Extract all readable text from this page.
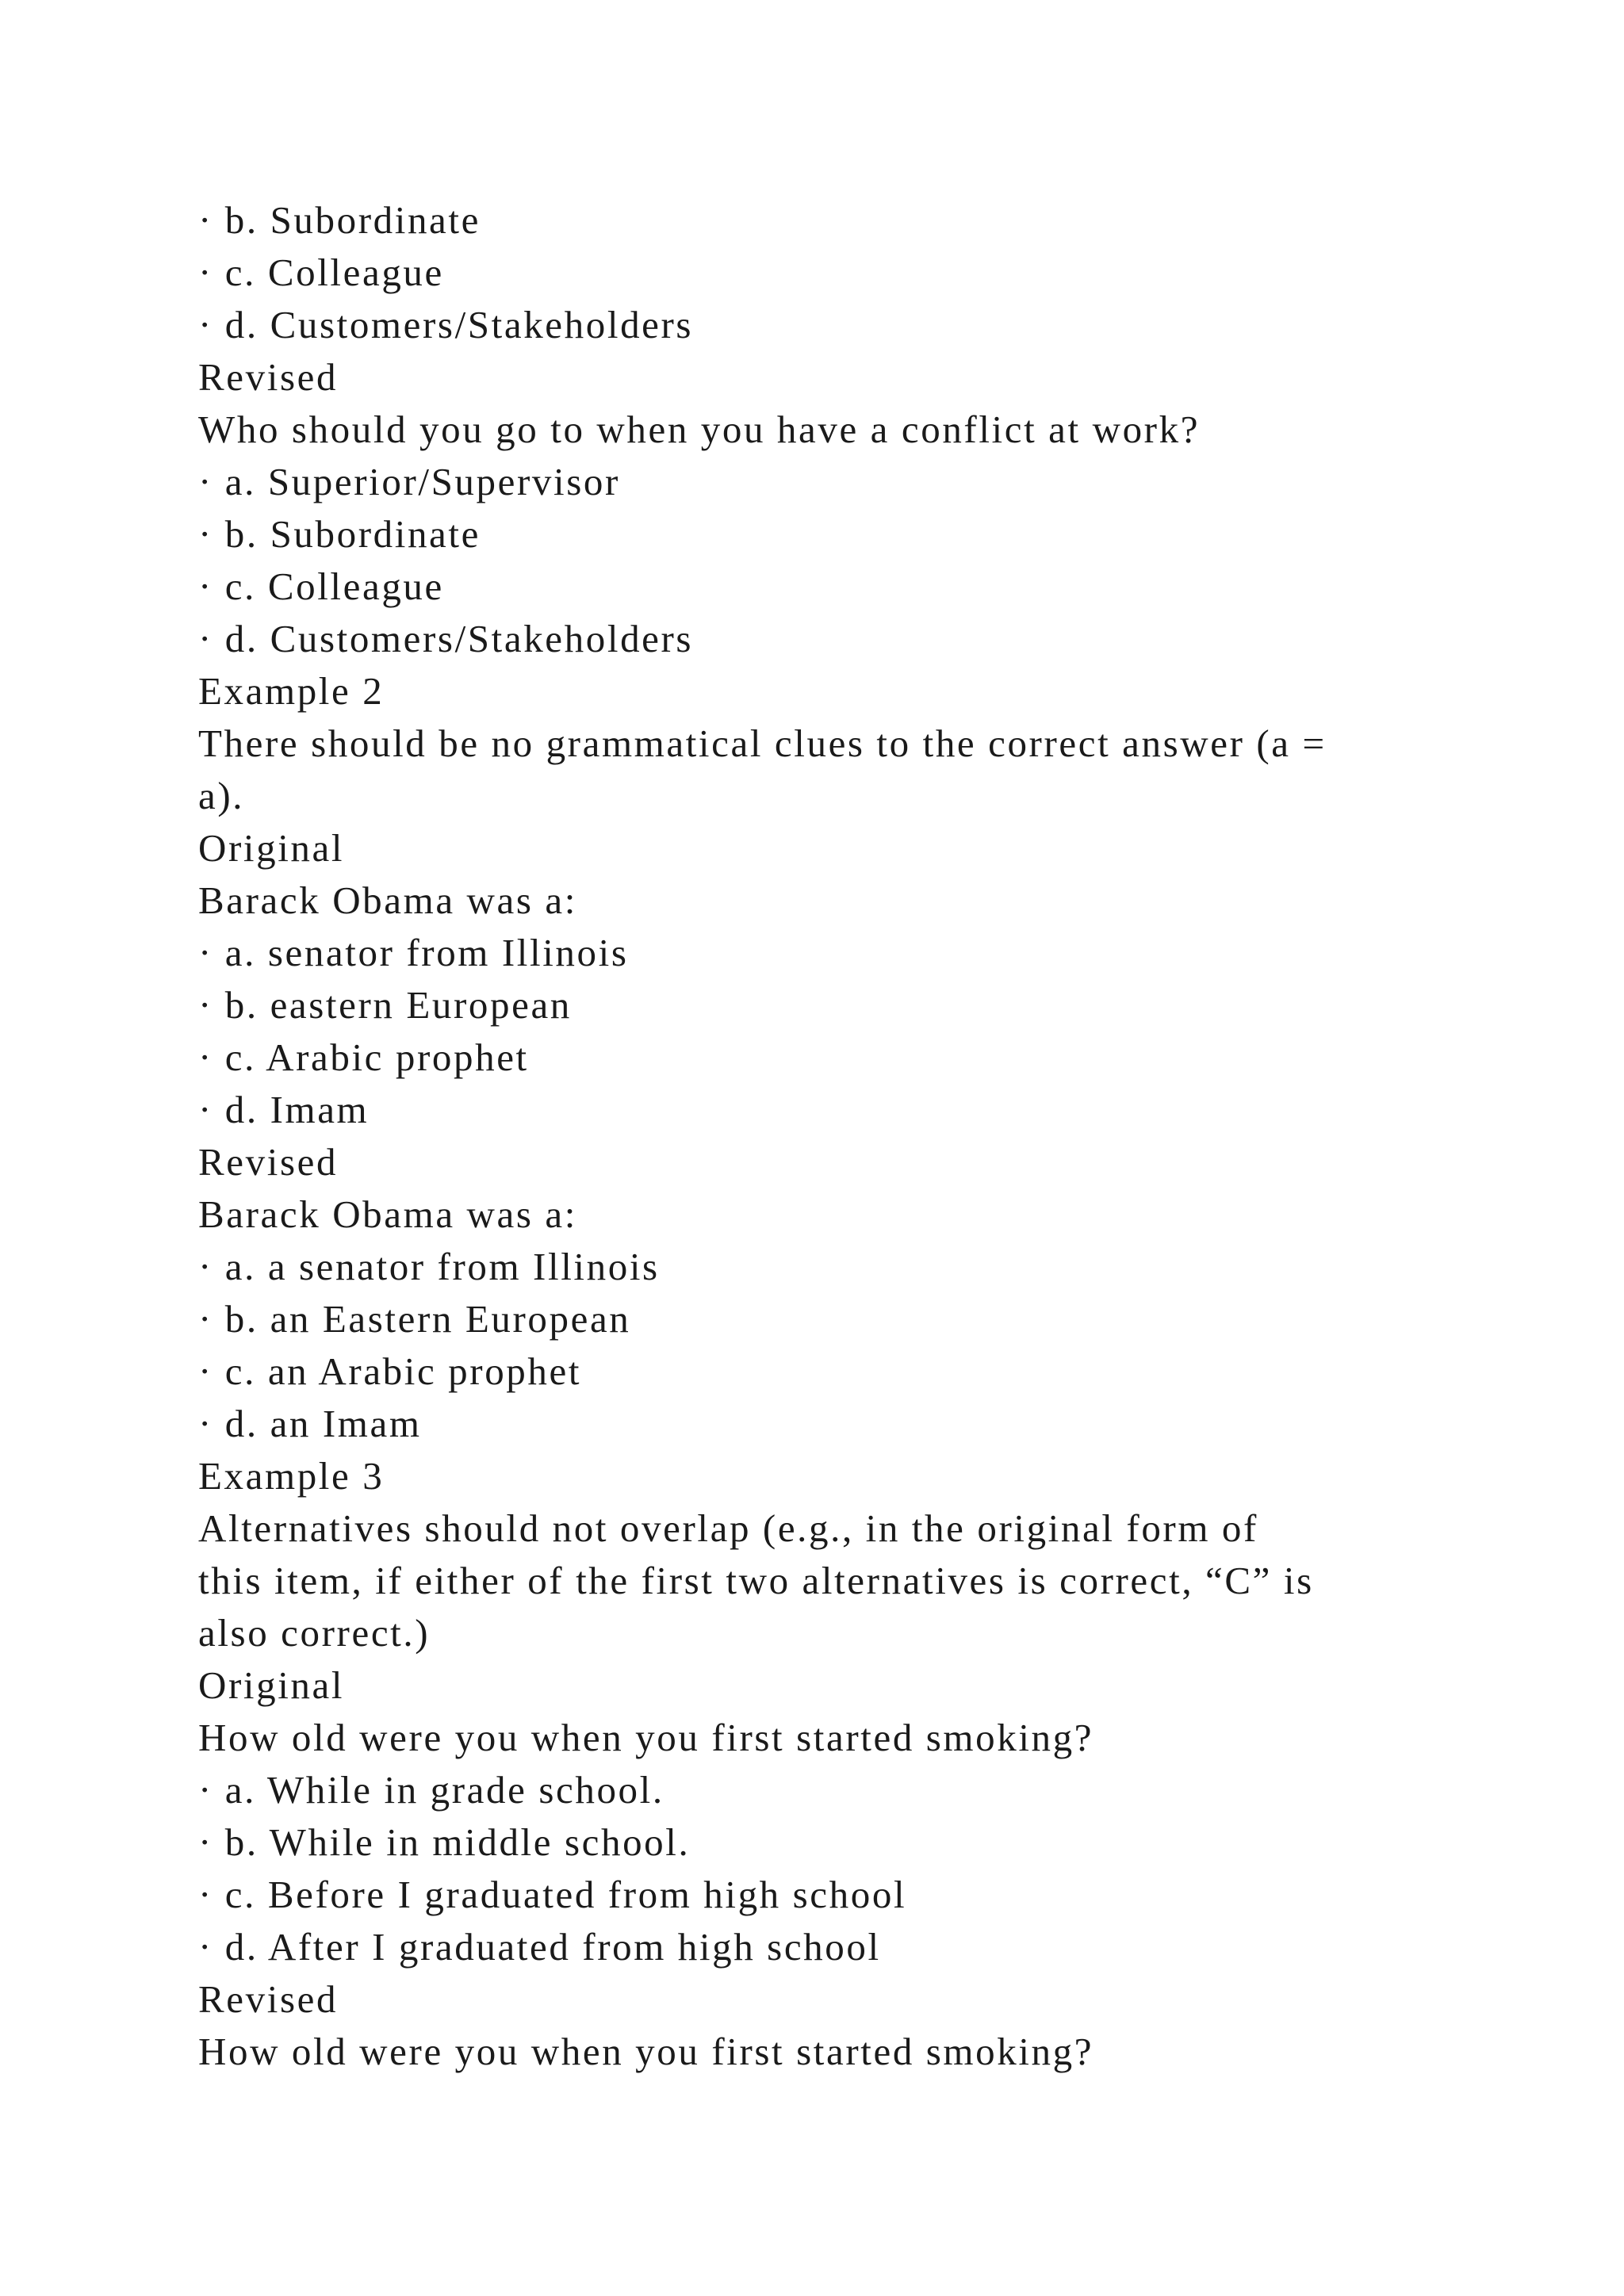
· b. Subordinate
· c. Colleague
· d. Customers/Stakeholders
Revised
Who should you go to when you have a conflict at work?
· a. Superior/Supervisor
· b. Subordinate
· c. Colleague
· d. Customers/Stakeholders
Example 2
There should be no grammatical clues to the correct answer (a =
a).
Original
Barack Obama was a:
· a. senator from Illinois
· b. eastern European
· c. Arabic prophet
· d. Imam
Revised
Barack Obama was a:
· a. a senator from Illinois
· b. an Eastern European
· c. an Arabic prophet
· d. an Imam
Example 3
Alternatives should not overlap (e.g., in the original form of
this item, if either of the first two alternatives is correct, “C” is
also correct.)
Original
How old were you when you first started smoking?
· a. While in grade school.
· b. While in middle school.
· c. Before I graduated from high school
· d. After I graduated from high school
Revised
How old were you when you first started smoking?
